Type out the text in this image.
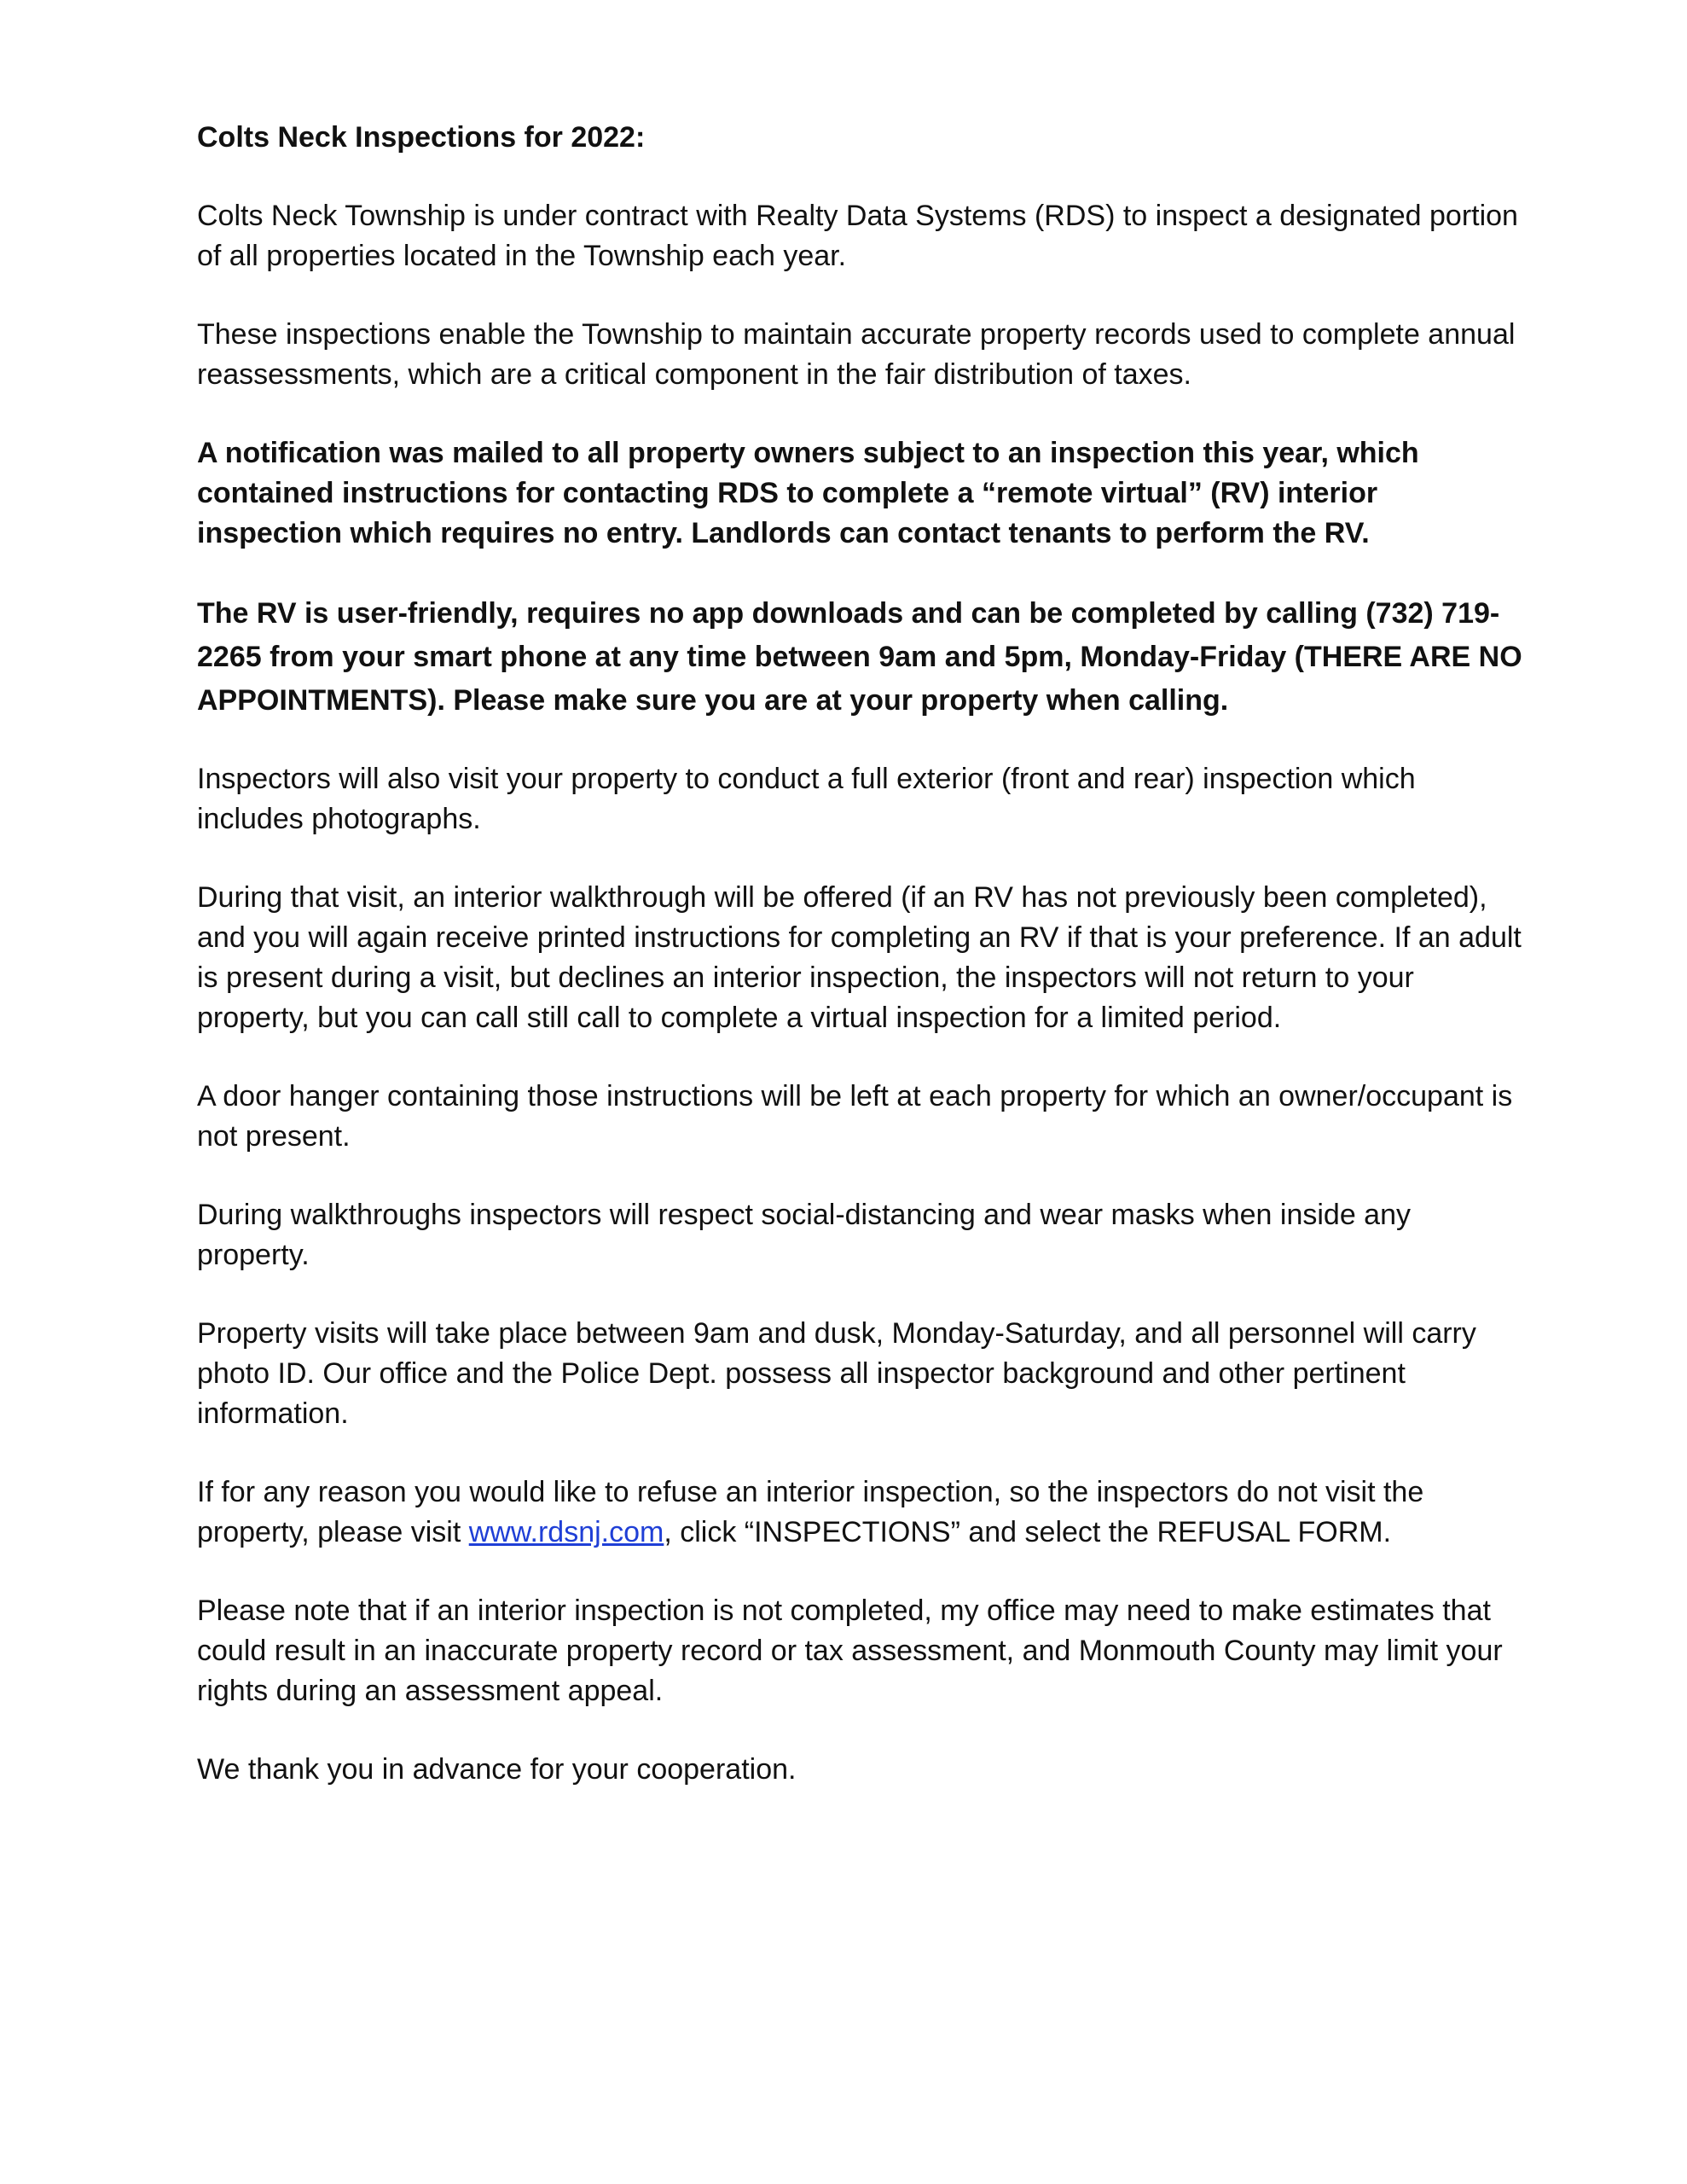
Colts Neck Inspections for 2022:

Colts Neck Township is under contract with Realty Data Systems (RDS) to inspect a designated portion of all properties located in the Township each year.

These inspections enable the Township to maintain accurate property records used to complete annual reassessments, which are a critical component in the fair distribution of taxes.

A notification was mailed to all property owners subject to an inspection this year, which contained instructions for contacting RDS to complete a “remote virtual” (RV) interior inspection which requires no entry. Landlords can contact tenants to perform the RV.

The RV is user-friendly, requires no app downloads and can be completed by calling (732) 719-2265 from your smart phone at any time between 9am and 5pm, Monday-Friday (THERE ARE NO APPOINTMENTS). Please make sure you are at your property when calling.

Inspectors will also visit your property to conduct a full exterior (front and rear) inspection which includes photographs.

During that visit, an interior walkthrough will be offered (if an RV has not previously been completed), and you will again receive printed instructions for completing an RV if that is your preference. If an adult is present during a visit, but declines an interior inspection, the inspectors will not return to your property, but you can call still call to complete a virtual inspection for a limited period.

A door hanger containing those instructions will be left at each property for which an owner/occupant is not present.

During walkthroughs inspectors will respect social-distancing and wear masks when inside any property.

Property visits will take place between 9am and dusk, Monday-Saturday, and all personnel will carry photo ID. Our office and the Police Dept. possess all inspector background and other pertinent information.

If for any reason you would like to refuse an interior inspection, so the inspectors do not visit the property, please visit www.rdsnj.com, click “INSPECTIONS” and select the REFUSAL FORM.

Please note that if an interior inspection is not completed, my office may need to make estimates that could result in an inaccurate property record or tax assessment, and Monmouth County may limit your rights during an assessment appeal.

We thank you in advance for your cooperation.
